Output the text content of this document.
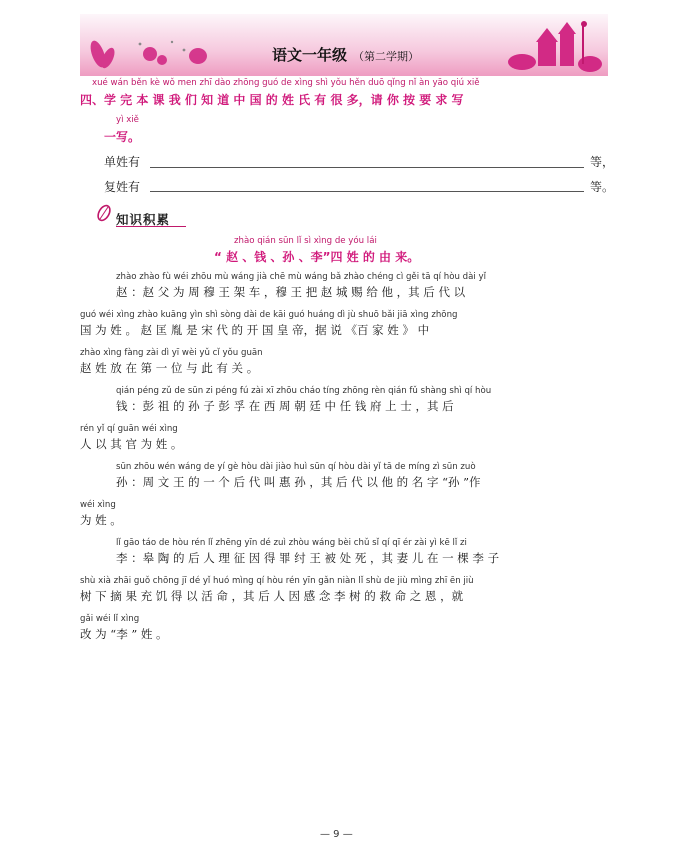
语文一年级 （第二学期）
xué wán běn kè wǒ men zhī dào zhōng guó de xìng shì yǒu hěn duō qǐng nǐ àn yāo qiú xiě
四、学 完 本 课 我 们 知 道 中 国 的 姓 氏 有 很 多，请 你 按 要 求 写
yì xiě
一写。
单姓有	等，
复姓有	等。
知识积累
zhào qián sūn lǐ sì xìng de yóu lái
“ 赵 、钱 、孙 、李”四 姓 的 由 来。
zhào zhào fù wéi zhōu mù wáng jià chē mù wáng bǎ zhào chéng cì gěi tā qí hòu dài yǐ
赵 ：赵 父 为 周 穆 王 架 车 ，穆 王 把 赵 城 赐 给 他 ，其 后 代 以
guó wéi xìng zhào kuāng yìn shì sòng dài de kāi guó huáng dì jù shuō bǎi jiā xìng zhōng
国 为 姓 。 赵 匡 胤 是 宋 代 的 开 国 皇 帝，据 说 《百 家 姓 》 中
zhào xìng fàng zài dì yī wèi yǔ cǐ yǒu guān
赵 姓 放 在 第 一 位 与 此 有 关 。
qián péng zǔ de sūn zi péng fú zài xī zhōu cháo tíng zhōng rèn qián fǔ shàng shì qí hòu
钱 ：彭 祖 的 孙 子 彭 孚 在 西 周 朝 廷 中 任 钱 府 上 士 ，其 后
rén yǐ qí guān wéi xìng
人 以 其 官 为 姓 。
sūn zhōu wén wáng de yí gè hòu dài jiào huì sūn qí hòu dài yǐ tā de míng zì sūn zuò
孙 ：周 文 王 的 一 个 后 代 叫 惠 孙 ，其 后 代 以 他 的 名 字 “孙 ”作
wéi xìng
为 姓 。
lǐ gāo táo de hòu rén lǐ zhēng yīn dé zuì zhòu wáng bèi chǔ sǐ qí qī ér zài yì kē lǐ zi
李 ：皋 陶 的 后 人 理 征 因 得 罪 纣 王 被 处 死 ，其 妻 儿 在 一 棵 李 子
shù xià zhāi guǒ chōng jī dé yǐ huó mìng qí hòu rén yīn gǎn niàn lǐ shù de jiù mìng zhī ēn jiù
树 下 摘 果 充 饥 得 以 活 命 ，其 后 人 因 感 念 李 树 的 救 命 之 恩 ，就
gǎi wéi lǐ xìng
改 为 “李 ” 姓 。
— 9 —
